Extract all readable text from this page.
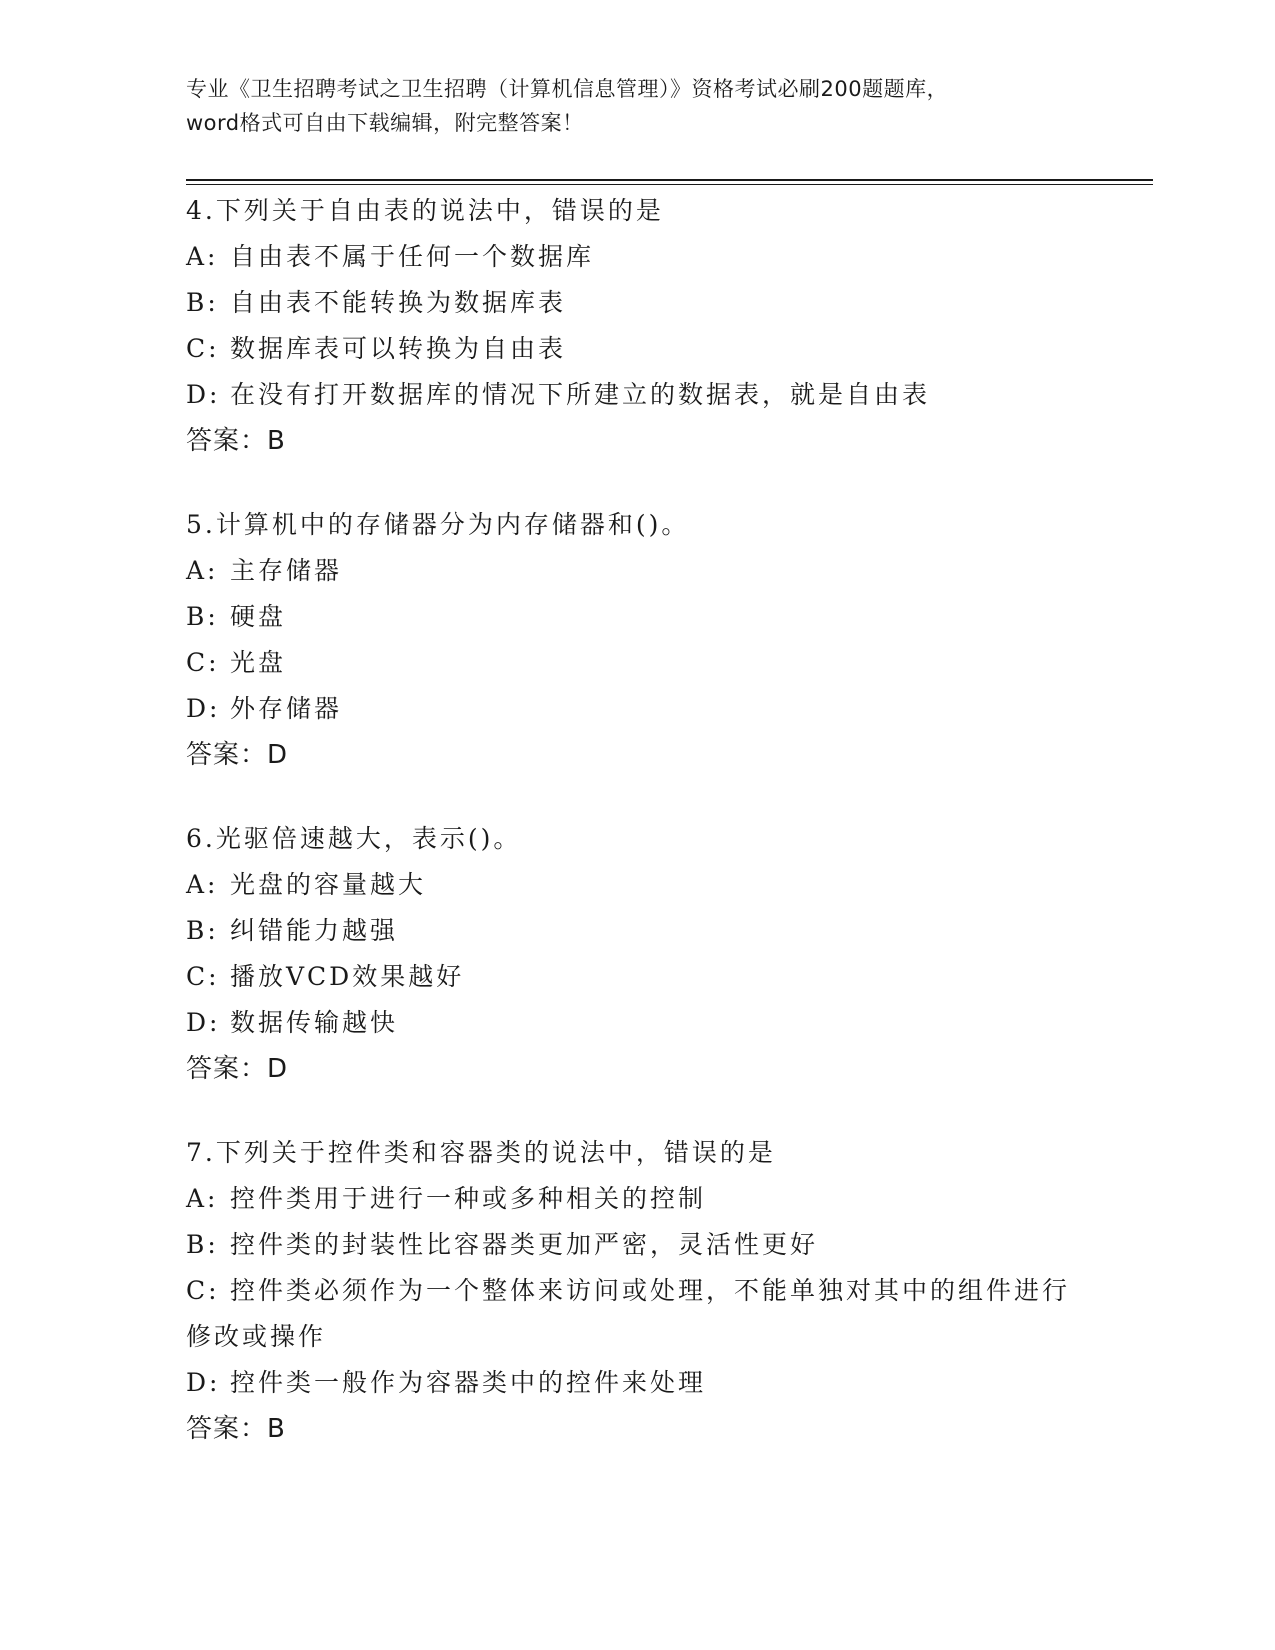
专业《卫生招聘考试之卫生招聘（计算机信息管理）》资格考试必刷200题题库，
word格式可自由下载编辑，附完整答案！
4.下列关于自由表的说法中，错误的是
A: 自由表不属于任何一个数据库
B: 自由表不能转换为数据库表
C: 数据库表可以转换为自由表
D: 在没有打开数据库的情况下所建立的数据表，就是自由表
答案：B
5.计算机中的存储器分为内存储器和()。
A: 主存储器
B: 硬盘
C: 光盘
D: 外存储器
答案：D
6.光驱倍速越大，表示()。
A: 光盘的容量越大
B: 纠错能力越强
C: 播放VCD效果越好
D: 数据传输越快
答案：D
7.下列关于控件类和容器类的说法中，错误的是
A: 控件类用于进行一种或多种相关的控制
B: 控件类的封装性比容器类更加严密，灵活性更好
C: 控件类必须作为一个整体来访问或处理，不能单独对其中的组件进行修改或操作
D: 控件类一般作为容器类中的控件来处理
答案：B
